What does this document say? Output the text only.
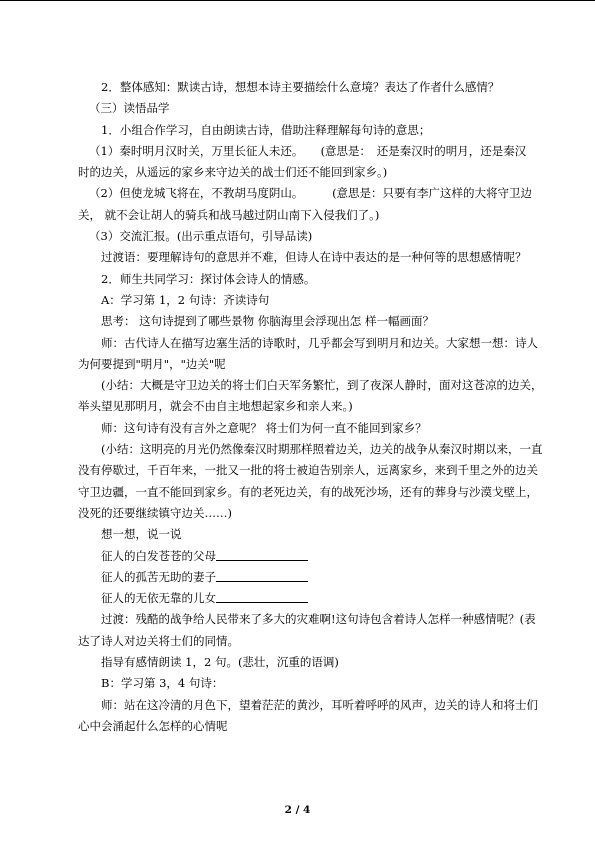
2．整体感知：默读古诗，想想本诗主要描绘什么意境？表达了作者什么感情？
（三）读悟品学
1．小组合作学习，自由朗读古诗，借助注释理解每句诗的意思；
（1）秦时明月汉时关，万里长征人未还。　　(意思是：　还是秦汉时的明月，还是秦汉
时的边关，从遥远的家乡来守边关的战士们还不能回到家乡。)
（2）但使龙城飞将在，不教胡马度阴山。　　　(意思是：只要有李广这样的大将守卫边
关， 就不会让胡人的骑兵和战马越过阴山南下入侵我们了。)
（3）交流汇报。(出示重点语句，引导品读)
过渡语：要理解诗句的意思并不难，但诗人在诗中表达的是一种何等的思想感情呢？
2．师生共同学习：探讨体会诗人的情感。
A：学习第 1，2 句诗：齐读诗句
思考： 这句诗提到了哪些景物 你脑海里会浮现出怎 样一幅画面？
师：古代诗人在描写边塞生活的诗歌时，几乎都会写到明月和边关。大家想一想：诗人
为何要提到"明月"，"边关"呢
(小结：大概是守卫边关的将士们白天军务繁忙，到了夜深人静时，面对这苍凉的边关，
举头望见那明月，就会不由自主地想起家乡和亲人来。)
师：这句诗有没有言外之意呢？ 将士们为何一直不能回到家乡？
(小结：这明亮的月光仍然像秦汉时期那样照着边关，边关的战争从秦汉时期以来，一直
没有停歇过，千百年来，一批又一批的将士被迫告别亲人，远离家乡，来到千里之外的边关
守卫边疆，一直不能回到家乡。有的老死边关，有的战死沙场，还有的葬身与沙漠戈壁上，
没死的还要继续镇守边关……)
想一想，说一说
征人的白发苍苍的父母
征人的孤苦无助的妻子
征人的无依无靠的儿女
过渡：残酷的战争给人民带来了多大的灾难啊!这句诗包含着诗人怎样一种感情呢？(表
达了诗人对边关将士们的同情。
指导有感情朗读 1，2 句。(悲壮，沉重的语调)
B：学习第 3，4 句诗：
师：站在这冷清的月色下，望着茫茫的黄沙，耳听着呼呼的风声，边关的诗人和将士们
心中会涌起什么怎样的心情呢
2 / 4
